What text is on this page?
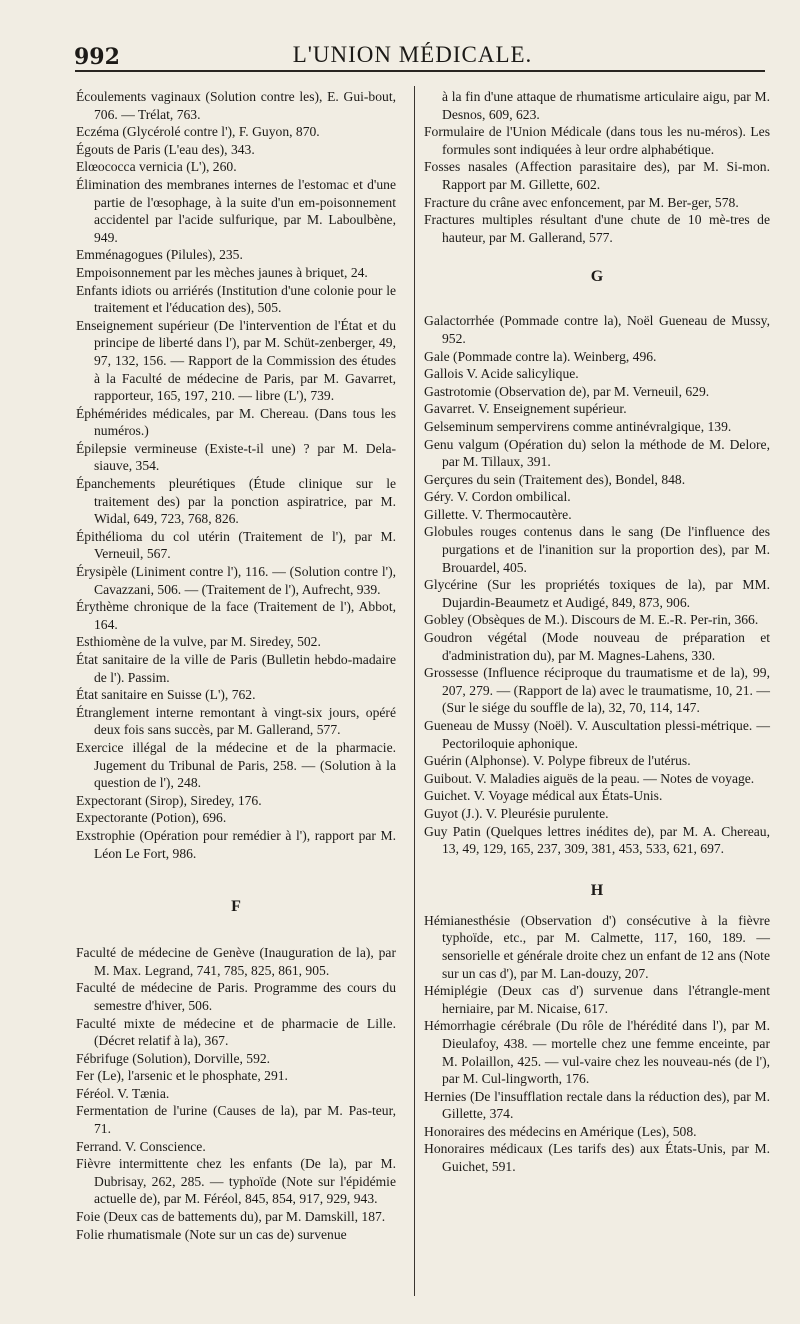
992	L'UNION MÉDICALE.

Écoulements vaginaux (Solution contre les), E. Gui-bout, 706. — Trélat, 763.

Eczéma (Glycérolé contre l'), F. Guyon, 870.

Égouts de Paris (L'eau des), 343.

Elœococca vernicia (L'), 260.

Élimination des membranes internes de l'estomac et d'une partie de l'œsophage, à la suite d'un em-poisonnement accidentel par l'acide sulfurique, par M. Laboulbène, 949.

Emménagogues (Pilules), 235.

Empoisonnement par les mèches jaunes à briquet, 24.

Enfants idiots ou arriérés (Institution d'une colonie pour le traitement et l'éducation des), 505.

Enseignement supérieur (De l'intervention de l'État et du principe de liberté dans l'), par M. Schüt-zenberger, 49, 97, 132, 156. — Rapport de la Commission des études à la Faculté de médecine de Paris, par M. Gavarret, rapporteur, 165, 197, 210. — libre (L'), 739.

Éphémérides médicales, par M. Chereau. (Dans tous les numéros.)

Épilepsie vermineuse (Existe-t-il une) ? par M. Dela-siauve, 354.

Épanchements pleurétiques (Étude clinique sur le traitement des) par la ponction aspiratrice, par M. Widal, 649, 723, 768, 826.

Épithélioma du col utérin (Traitement de l'), par M. Verneuil, 567.

Érysipèle (Liniment contre l'), 116. — (Solution contre l'), Cavazzani, 506. — (Traitement de l'), Aufrecht, 939.

Érythème chronique de la face (Traitement de l'), Abbot, 164.

Esthiomène de la vulve, par M. Siredey, 502.

État sanitaire de la ville de Paris (Bulletin hebdo-madaire de l'). Passim.

État sanitaire en Suisse (L'), 762.

Étranglement interne remontant à vingt-six jours, opéré deux fois sans succès, par M. Gallerand, 577.

Exercice illégal de la médecine et de la pharmacie. Jugement du Tribunal de Paris, 258. — (Solution à la question de l'), 248.

Expectorant (Sirop), Siredey, 176.

Expectorante (Potion), 696.

Exstrophie (Opération pour remédier à l'), rapport par M. Léon Le Fort, 986.

F

Faculté de médecine de Genève (Inauguration de la), par M. Max. Legrand, 741, 785, 825, 861, 905.

Faculté de médecine de Paris. Programme des cours du semestre d'hiver, 506.

Faculté mixte de médecine et de pharmacie de Lille. (Décret relatif à la), 367.

Fébrifuge (Solution), Dorville, 592.

Fer (Le), l'arsenic et le phosphate, 291.

Féréol. V. Tænia.

Fermentation de l'urine (Causes de la), par M. Pas-teur, 71.

Ferrand. V. Conscience.

Fièvre intermittente chez les enfants (De la), par M. Dubrisay, 262, 285. — typhoïde (Note sur l'épidémie actuelle de), par M. Féréol, 845, 854, 917, 929, 943.

Foie (Deux cas de battements du), par M. Damskill, 187.

Folie rhumatismale (Note sur un cas de) survenue

à la fin d'une attaque de rhumatisme articulaire aigu, par M. Desnos, 609, 623.

Formulaire de l'Union Médicale (dans tous les nu-méros). Les formules sont indiquées à leur ordre alphabétique.

Fosses nasales (Affection parasitaire des), par M. Si-mon. Rapport par M. Gillette, 602.

Fracture du crâne avec enfoncement, par M. Ber-ger, 578.

Fractures multiples résultant d'une chute de 10 mè-tres de hauteur, par M. Gallerand, 577.

G

Galactorrhée (Pommade contre la), Noël Gueneau de Mussy, 952.

Gale (Pommade contre la). Weinberg, 496.

Gallois V. Acide salicylique.

Gastrotomie (Observation de), par M. Verneuil, 629.

Gavarret. V. Enseignement supérieur.

Gelseminum sempervirens comme antinévralgique, 139.

Genu valgum (Opération du) selon la méthode de M. Delore, par M. Tillaux, 391.

Gerçures du sein (Traitement des), Bondel, 848.

Géry. V. Cordon ombilical.

Gillette. V. Thermocautère.

Globules rouges contenus dans le sang (De l'influence des purgations et de l'inanition sur la proportion des), par M. Brouardel, 405.

Glycérine (Sur les propriétés toxiques de la), par MM. Dujardin-Beaumetz et Audigé, 849, 873, 906.

Gobley (Obsèques de M.). Discours de M. E.-R. Per-rin, 366.

Goudron végétal (Mode nouveau de préparation et d'administration du), par M. Magnes-Lahens, 330.

Grossesse (Influence réciproque du traumatisme et de la), 99, 207, 279. — (Rapport de la) avec le traumatisme, 10, 21. — (Sur le siége du souffle de la), 32, 70, 114, 147.

Gueneau de Mussy (Noël). V. Auscultation plessi-métrique. — Pectoriloquie aphonique.

Guérin (Alphonse). V. Polype fibreux de l'utérus.

Guibout. V. Maladies aiguës de la peau. — Notes de voyage.

Guichet. V. Voyage médical aux États-Unis.

Guyot (J.). V. Pleurésie purulente.

Guy Patin (Quelques lettres inédites de), par M. A. Chereau, 13, 49, 129, 165, 237, 309, 381, 453, 533, 621, 697.

H

Hémianesthésie (Observation d') consécutive à la fièvre typhoïde, etc., par M. Calmette, 117, 160, 189. — sensorielle et générale droite chez un enfant de 12 ans (Note sur un cas d'), par M. Lan-douzy, 207.

Hémiplégie (Deux cas d') survenue dans l'étrangle-ment herniaire, par M. Nicaise, 617.

Hémorrhagie cérébrale (Du rôle de l'hérédité dans l'), par M. Dieulafoy, 438. — mortelle chez une femme enceinte, par M. Polaillon, 425. — vul-vaire chez les nouveau-nés (de l'), par M. Cul-lingworth, 176.

Hernies (De l'insufflation rectale dans la réduction des), par M. Gillette, 374.

Honoraires des médecins en Amérique (Les), 508.

Honoraires médicaux (Les tarifs des) aux États-Unis, par M. Guichet, 591.
